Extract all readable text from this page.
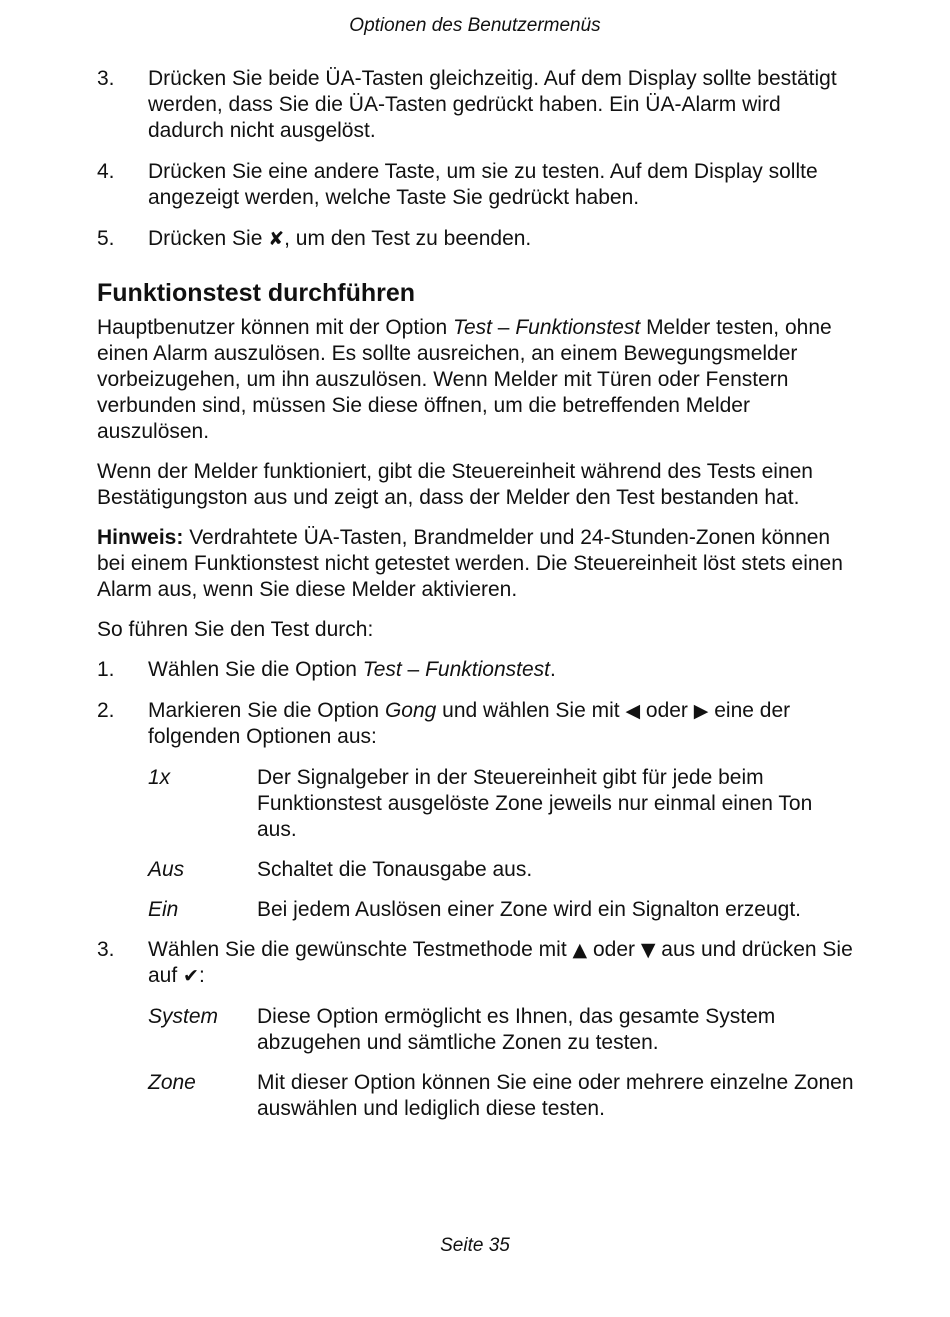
Optionen des Benutzermenüs
3.	Drücken Sie beide ÜA-Tasten gleichzeitig. Auf dem Display sollte bestätigt werden, dass Sie die ÜA-Tasten gedrückt haben. Ein ÜA-Alarm wird dadurch nicht ausgelöst.
4.	Drücken Sie eine andere Taste, um sie zu testen. Auf dem Display sollte angezeigt werden, welche Taste Sie gedrückt haben.
5.	Drücken Sie ✘, um den Test zu beenden.
Funktionstest durchführen

Hauptbenutzer können mit der Option Test – Funktionstest Melder testen, ohne einen Alarm auszulösen. Es sollte ausreichen, an einem Bewegungsmelder vorbeizugehen, um ihn auszulösen. Wenn Melder mit Türen oder Fenstern verbunden sind, müssen Sie diese öffnen, um die betreffenden Melder auszulösen.

Wenn der Melder funktioniert, gibt die Steuereinheit während des Tests einen Bestätigungston aus und zeigt an, dass der Melder den Test bestanden hat.

Hinweis: Verdrahtete ÜA-Tasten, Brandmelder und 24-Stunden-Zonen können bei einem Funktionstest nicht getestet werden. Die Steuereinheit löst stets einen Alarm aus, wenn Sie diese Melder aktivieren.

So führen Sie den Test durch:

1.	Wählen Sie die Option Test – Funktionstest.
2.	Markieren Sie die Option Gong und wählen Sie mit ◀ oder ▶ eine der folgenden Optionen aus:
1x	Der Signalgeber in der Steuereinheit gibt für jede beim Funktionstest ausgelöste Zone jeweils nur einmal einen Ton aus.
Aus	Schaltet die Tonausgabe aus.
Ein	Bei jedem Auslösen einer Zone wird ein Signalton erzeugt.
3.	Wählen Sie die gewünschte Testmethode mit ▲ oder ▼ aus und drücken Sie auf ✔:
System	Diese Option ermöglicht es Ihnen, das gesamte System abzugehen und sämtliche Zonen zu testen.
Zone	Mit dieser Option können Sie eine oder mehrere einzelne Zonen auswählen und lediglich diese testen.
Seite 35
